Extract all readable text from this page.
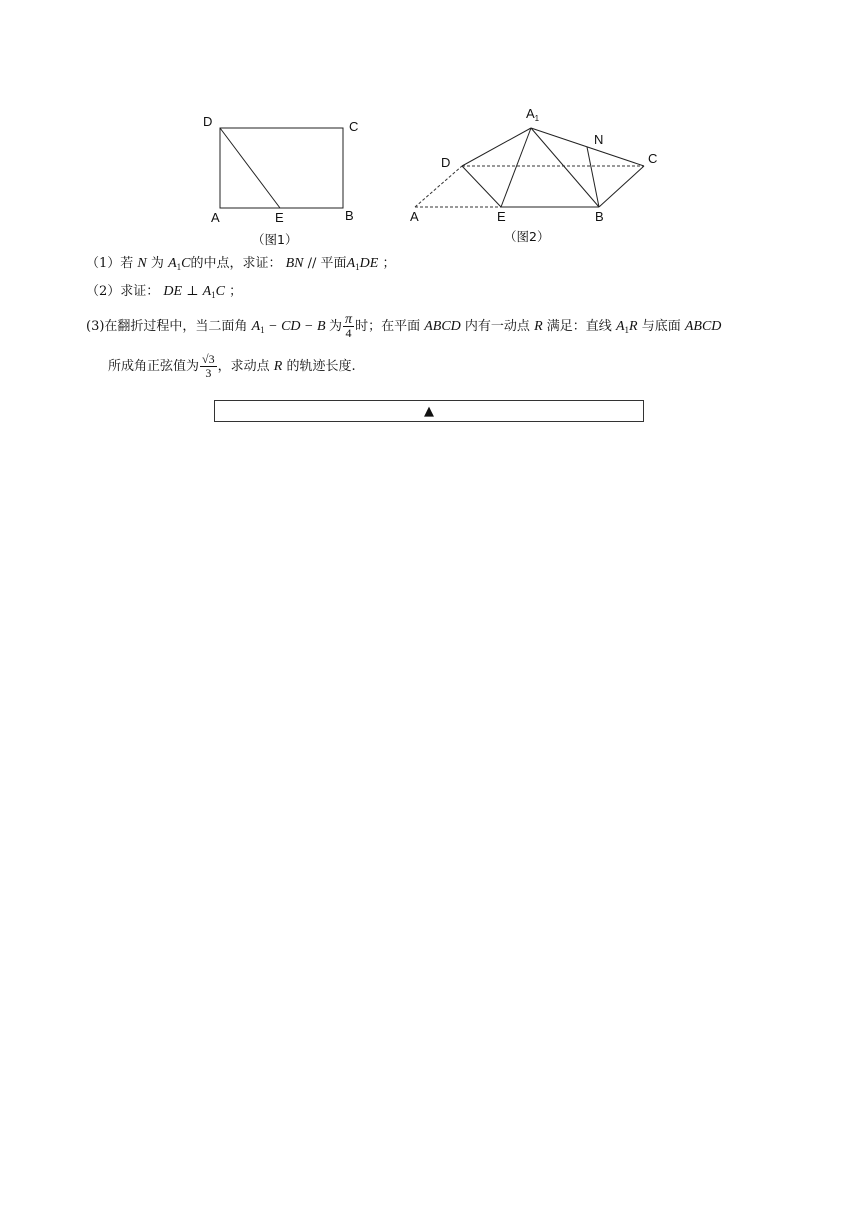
D	C
A	E	B
（图1）
$A_1$
N
D	C
A	E	B
（图2）
（1）若 N 为 $A_1C$的中点，求证： BN // 平面$A_1DE$ ；
（2）求证： DE ⊥ $A_1C$ ；
(3)在翻折过程中，当二面角 $A_1$ − CD − B 为 $\frac{\pi}{4}$ 时；在平面 ABCD 内有一动点 R 满足：直线 $A_1R$ 与底面 ABCD
所成角正弦值为 $\frac{√3}{3}$ ，求动点 R 的轨迹长度.
▲
